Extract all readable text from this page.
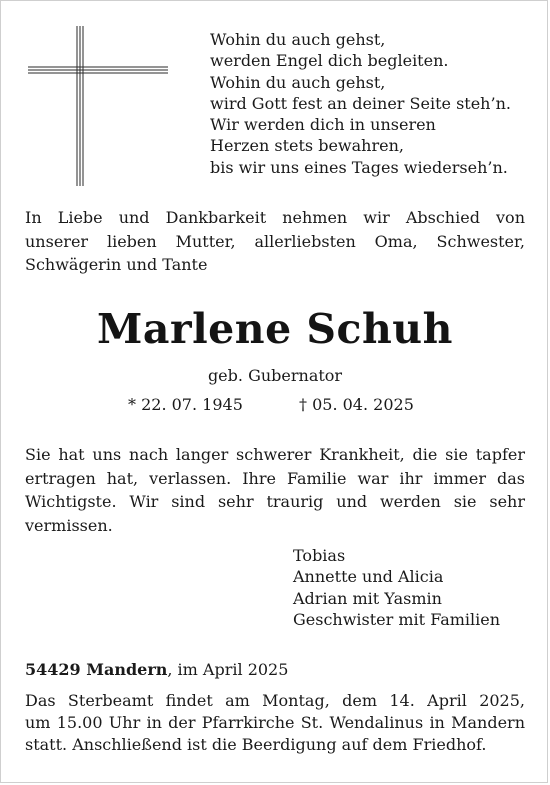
Wohin du auch gehst,
werden Engel dich begleiten.
Wohin du auch gehst,
wird Gott fest an deiner Seite steh’n.
Wir werden dich in unseren
Herzen stets bewahren,
bis wir uns eines Tages wiederseh’n.
In Liebe und Dankbarkeit nehmen wir Abschied von
unserer lieben Mutter, allerliebsten Oma, Schwester,
Schwägerin und Tante
Marlene Schuh
geb. Gubernator
* 22. 07. 1945	† 05. 04. 2025
Sie hat uns nach langer schwerer Krankheit, die sie tapfer
ertragen hat, verlassen. Ihre Familie war ihr immer das
Wichtigste. Wir sind sehr traurig und werden sie sehr
vermissen.
Tobias
Annette und Alicia
Adrian mit Yasmin
Geschwister mit Familien
54429 Mandern, im April 2025
Das Sterbeamt findet am Montag, dem 14. April 2025,
um 15.00 Uhr in der Pfarrkirche St. Wendalinus in Mandern
statt. Anschließend ist die Beerdigung auf dem Friedhof.
